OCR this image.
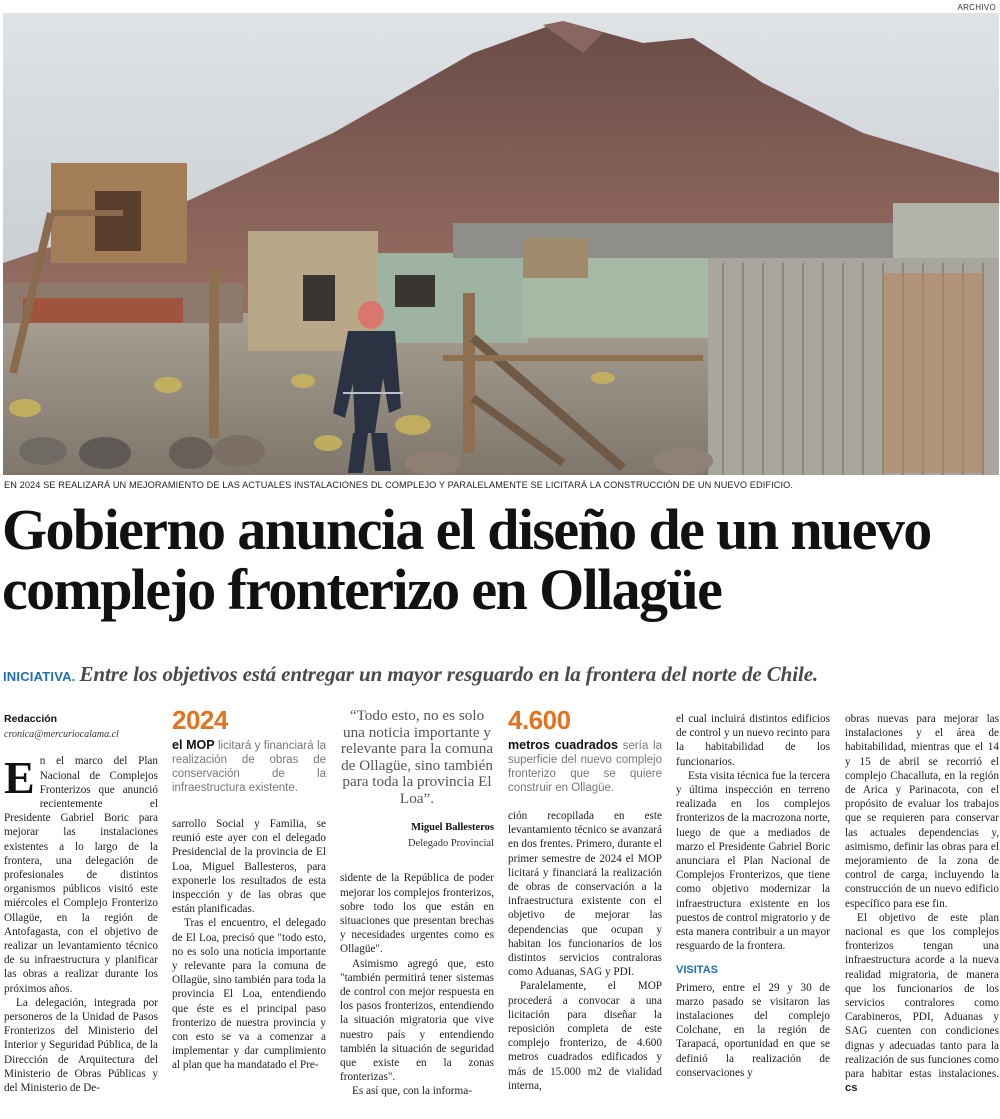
ARCHIVO
EN 2024 SE REALIZARÁ UN MEJORAMIENTO DE LAS ACTUALES INSTALACIONES DL COMPLEJO Y PARALELAMENTE SE LICITARÁ LA CONSTRUCCIÓN DE UN NUEVO EDIFICIO.
Gobierno anuncia el diseño de un nuevo complejo fronterizo en Ollagüe
INICIATIVA. Entre los objetivos está entregar un mayor resguardo en la frontera del norte de Chile.
Redacción
cronica@mercuriocalama.cl

En el marco del Plan Nacional de Complejos Fronterizos que anunció recientemente el Presidente Gabriel Boric para mejorar las instalaciones existentes a lo largo de la frontera, una delegación de profesionales de distintos organismos públicos visitó este miércoles el Complejo Fronterizo Ollagüe, en la región de Antofagasta, con el objetivo de realizar un levantamiento técnico de su infraestructura y planificar las obras a realizar durante los próximos años.

La delegación, integrada por personeros de la Unidad de Pasos Fronterizos del Ministerio del Interior y Seguridad Pública, de la Dirección de Arquitectura del Ministerio de Obras Públicas y del Ministerio de De-

2024
el MOP licitará y financiará la realización de obras de conservación de la infraestructura existente.

sarrollo Social y Familia, se reunió este ayer con el delegado Presidencial de la provincia de El Loa, Miguel Ballesteros, para exponerle los resultados de esta inspección y de las obras que están planificadas.

Tras el encuentro, el delegado de El Loa, precisó que "todo esto, no es solo una noticia importante y relevante para la comuna de Ollagüe, sino también para toda la provincia El Loa, entendiendo que éste es el principal paso fronterizo de nuestra provincia y con esto se va a comenzar a implementar y dar cumplimiento al plan que ha mandatado el Pre-

“Todo esto, no es solo una noticia importante y relevante para la comuna de Ollagüe, sino también para toda la provincia El Loa”.
Miguel Ballesteros
Delegado Provincial

sidente de la República de poder mejorar los complejos fronterizos, sobre todo los que están en situaciones que presentan brechas y necesidades urgentes como es Ollagüe".

Asimismo agregó que, esto "también permitirá tener sistemas de control con mejor respuesta en los pasos fronterizos, entendiendo la situación migratoria que vive nuestro país y entendiendo también la situación de seguridad que existe en la zonas fronterizas".

Es así que, con la informa-

4.600
metros cuadrados sería la superficie del nuevo complejo fronterizo que se quiere construir en Ollagüe.

ción recopilada en este levantamiento técnico se avanzará en dos frentes. Primero, durante el primer semestre de 2024 el MOP licitará y financiará la realización de obras de conservación a la infraestructura existente con el objetivo de mejorar las dependencias que ocupan y habitan los funcionarios de los distintos servicios contraloras como Aduanas, SAG y PDI.

Paralelamente, el MOP procederá a convocar a una licitación para diseñar la reposición completa de este complejo fronterizo, de 4.600 metros cuadrados edificados y más de 15.000 m2 de vialidad interna,

el cual incluirá distintos edificios de control y un nuevo recinto para la habitabilidad de los funcionarios.

Esta visita técnica fue la tercera y última inspección en terreno realizada en los complejos fronterizos de la macrozona norte, luego de que a mediados de marzo el Presidente Gabriel Boric anunciara el Plan Nacional de Complejos Fronterizos, que tiene como objetivo modernizar la infraestructura existente en los puestos de control migratorio y de esta manera contribuir a un mayor resguardo de la frontera.

VISITAS

Primero, entre el 29 y 30 de marzo pasado se visitaron las instalaciones del complejo Colchane, en la región de Tarapacá, oportunidad en que se definió la realización de conservaciones y

obras nuevas para mejorar las instalaciones y el área de habitabilidad, mientras que el 14 y 15 de abril se recorrió el complejo Chacalluta, en la región de Arica y Parinacota, con el propósito de evaluar los trabajos que se requieren para conservar las actuales dependencias y, asimismo, definir las obras para el mejoramiento de la zona de control de carga, incluyendo la construcción de un nuevo edificio específico para ese fin.

El objetivo de este plan nacional es que los complejos fronterizos tengan una infraestructura acorde a la nueva realidad migratoria, de manera que los funcionarios de los servicios contralores como Carabineros, PDI, Aduanas y SAG cuenten con condiciones dignas y adecuadas tanto para la realización de sus funciones como para habitar estas instalaciones. cs
